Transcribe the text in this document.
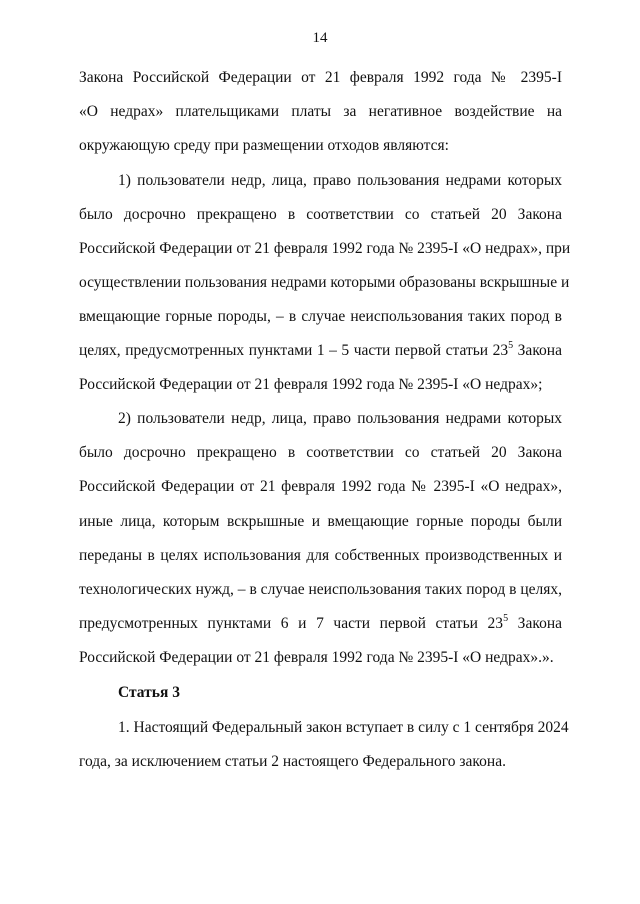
14
Закона Российской Федерации от 21 февраля 1992 года № 2395-I
«О недрах» плательщиками платы за негативное воздействие на
окружающую среду при размещении отходов являются:
1) пользователи недр, лица, право пользования недрами которых
было досрочно прекращено в соответствии со статьей 20 Закона
Российской Федерации от 21 февраля 1992 года № 2395-I «О недрах», при
осуществлении пользования недрами которыми образованы вскрышные и
вмещающие горные породы, – в случае неиспользования таких пород в
целях, предусмотренных пунктами 1 – 5 части первой статьи $23^5$ Закона
Российской Федерации от 21 февраля 1992 года № 2395-I «О недрах»;
2) пользователи недр, лица, право пользования недрами которых
было досрочно прекращено в соответствии со статьей 20 Закона
Российской Федерации от 21 февраля 1992 года № 2395-I «О недрах»,
иные лица, которым вскрышные и вмещающие горные породы были
переданы в целях использования для собственных производственных и
технологических нужд, – в случае неиспользования таких пород в целях,
предусмотренных пунктами 6 и 7 части первой статьи $23^5$ Закона
Российской Федерации от 21 февраля 1992 года № 2395-I «О недрах».».
Статья 3
1. Настоящий Федеральный закон вступает в силу с 1 сентября 2024
года, за исключением статьи 2 настоящего Федерального закона.
